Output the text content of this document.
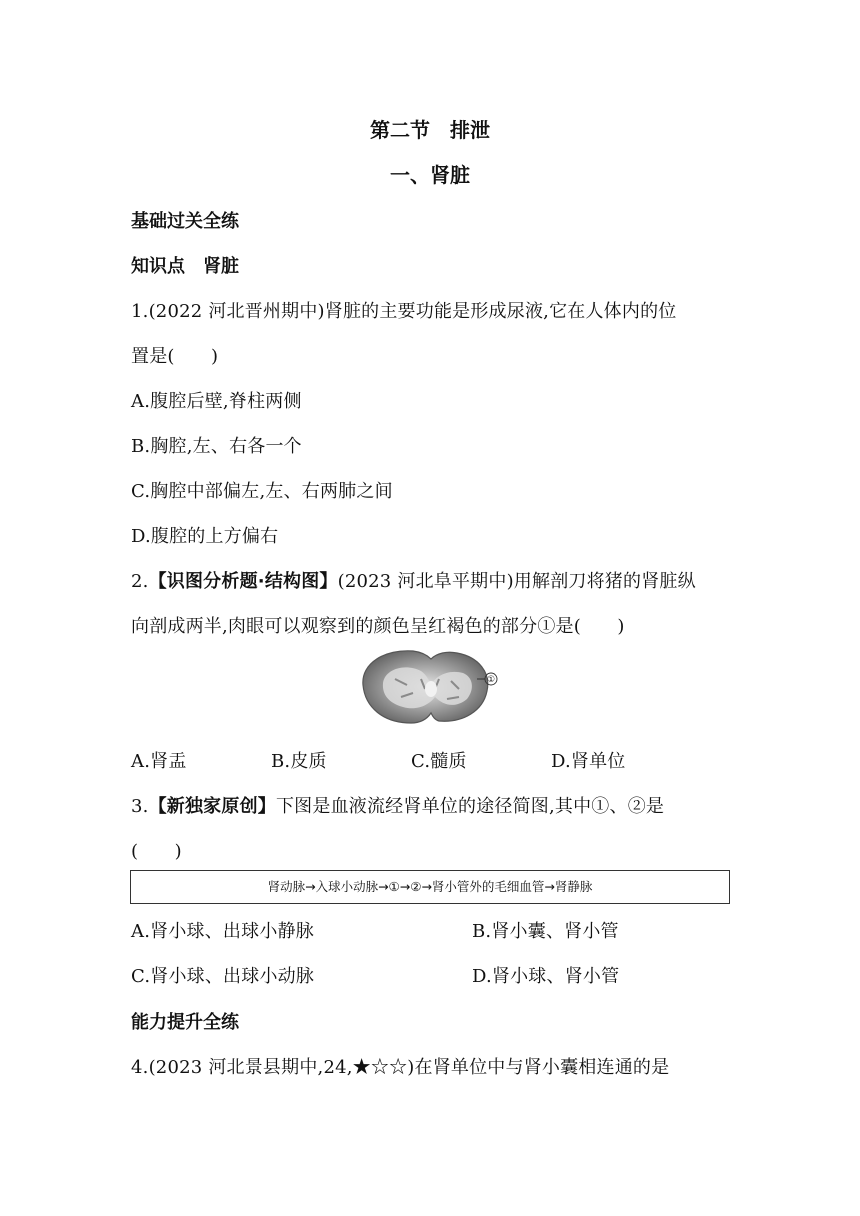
第二节　排泄
一、肾脏
基础过关全练
知识点　肾脏
1.(2022 河北晋州期中)肾脏的主要功能是形成尿液,它在人体内的位
置是(　　)
A.腹腔后壁,脊柱两侧
B.胸腔,左、右各一个
C.胸腔中部偏左,左、右两肺之间
D.腹腔的上方偏右
2.【识图分析题·结构图】(2023 河北阜平期中)用解剖刀将猪的肾脏纵
向剖成两半,肉眼可以观察到的颜色呈红褐色的部分①是(　　)
①
A.肾盂	B.皮质	C.髓质	D.肾单位
3.【新独家原创】下图是血液流经肾单位的途径简图,其中①、②是
(　　)
肾动脉→入球小动脉→①→②→肾小管外的毛细血管→肾静脉
A.肾小球、出球小静脉	B.肾小囊、肾小管
C.肾小球、出球小动脉	D.肾小球、肾小管
能力提升全练
4.(2023 河北景县期中,24,★☆☆)在肾单位中与肾小囊相连通的是
